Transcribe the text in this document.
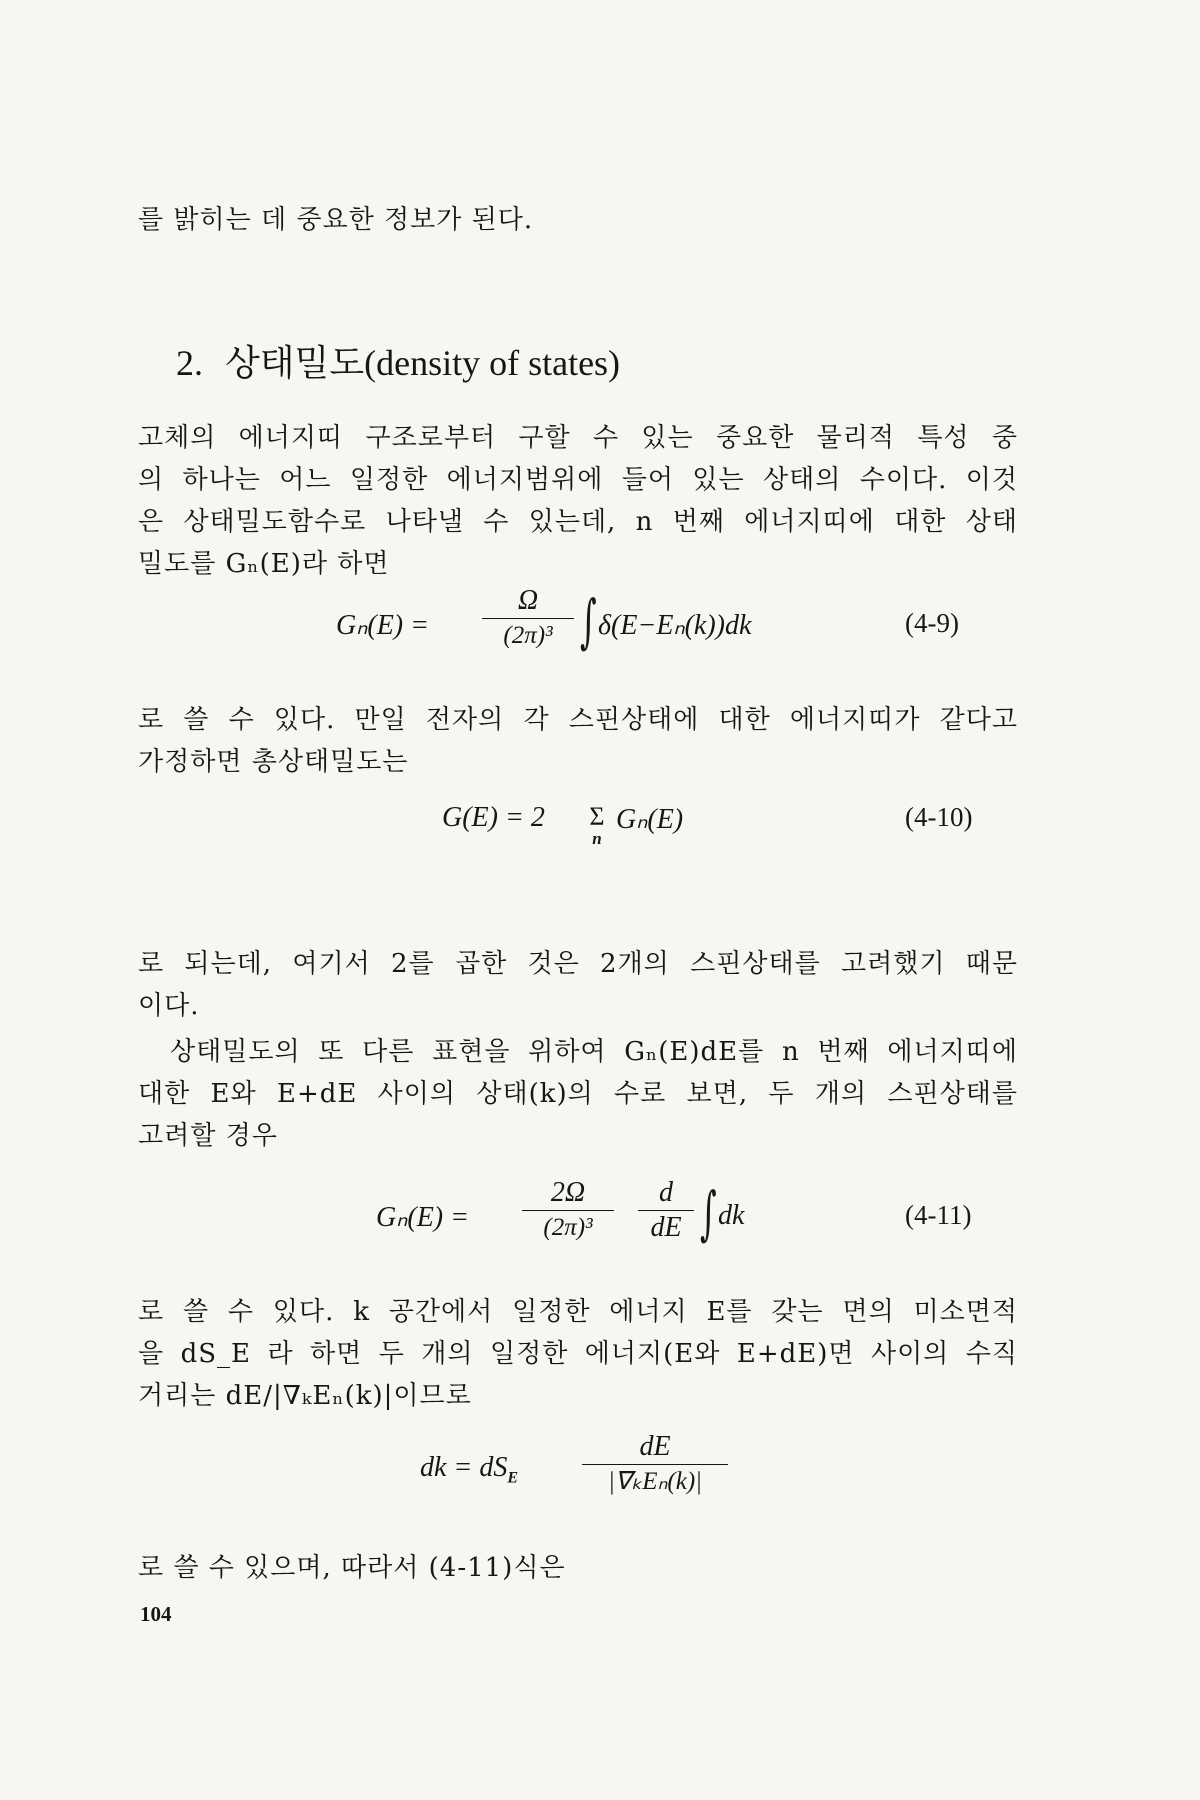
를 밝히는 데 중요한 정보가 된다.
2. 상태밀도(density of states)
고체의 에너지띠 구조로부터 구할 수 있는 중요한 물리적 특성 중
의 하나는 어느 일정한 에너지범위에 들어 있는 상태의 수이다. 이것
은 상태밀도함수로 나타낼 수 있는데, n 번째 에너지띠에 대한 상태
밀도를 Gₙ(E)라 하면
Gₙ(E) =
Ω
(2π)³ ∫ δ(E−Eₙ(k))dk	(4-9)
로 쓸 수 있다. 만일 전자의 각 스핀상태에 대한 에너지띠가 같다고
가정하면 총상태밀도는
G(E) = 2 Σ
n
Gₙ(E)	(4-10)
로 되는데, 여기서 2를 곱한 것은 2개의 스핀상태를 고려했기 때문
이다.
상태밀도의 또 다른 표현을 위하여 Gₙ(E)dE를 n 번째 에너지띠에
대한 E와 E+dE 사이의 상태(k)의 수로 보면, 두 개의 스핀상태를
고려할 경우
Gₙ(E) =
2Ω
(2π)³
d
dE ∫ dk	(4-11)
로 쓸 수 있다. k 공간에서 일정한 에너지 E를 갖는 면의 미소면적
을 dS_E 라 하면 두 개의 일정한 에너지(E와 E+dE)면 사이의 수직
거리는 dE/|∇ₖEₙ(k)|이므로
dk = $dS_E$
dE
|∇ₖEₙ(k)|
로 쓸 수 있으며, 따라서 (4-11)식은
104
